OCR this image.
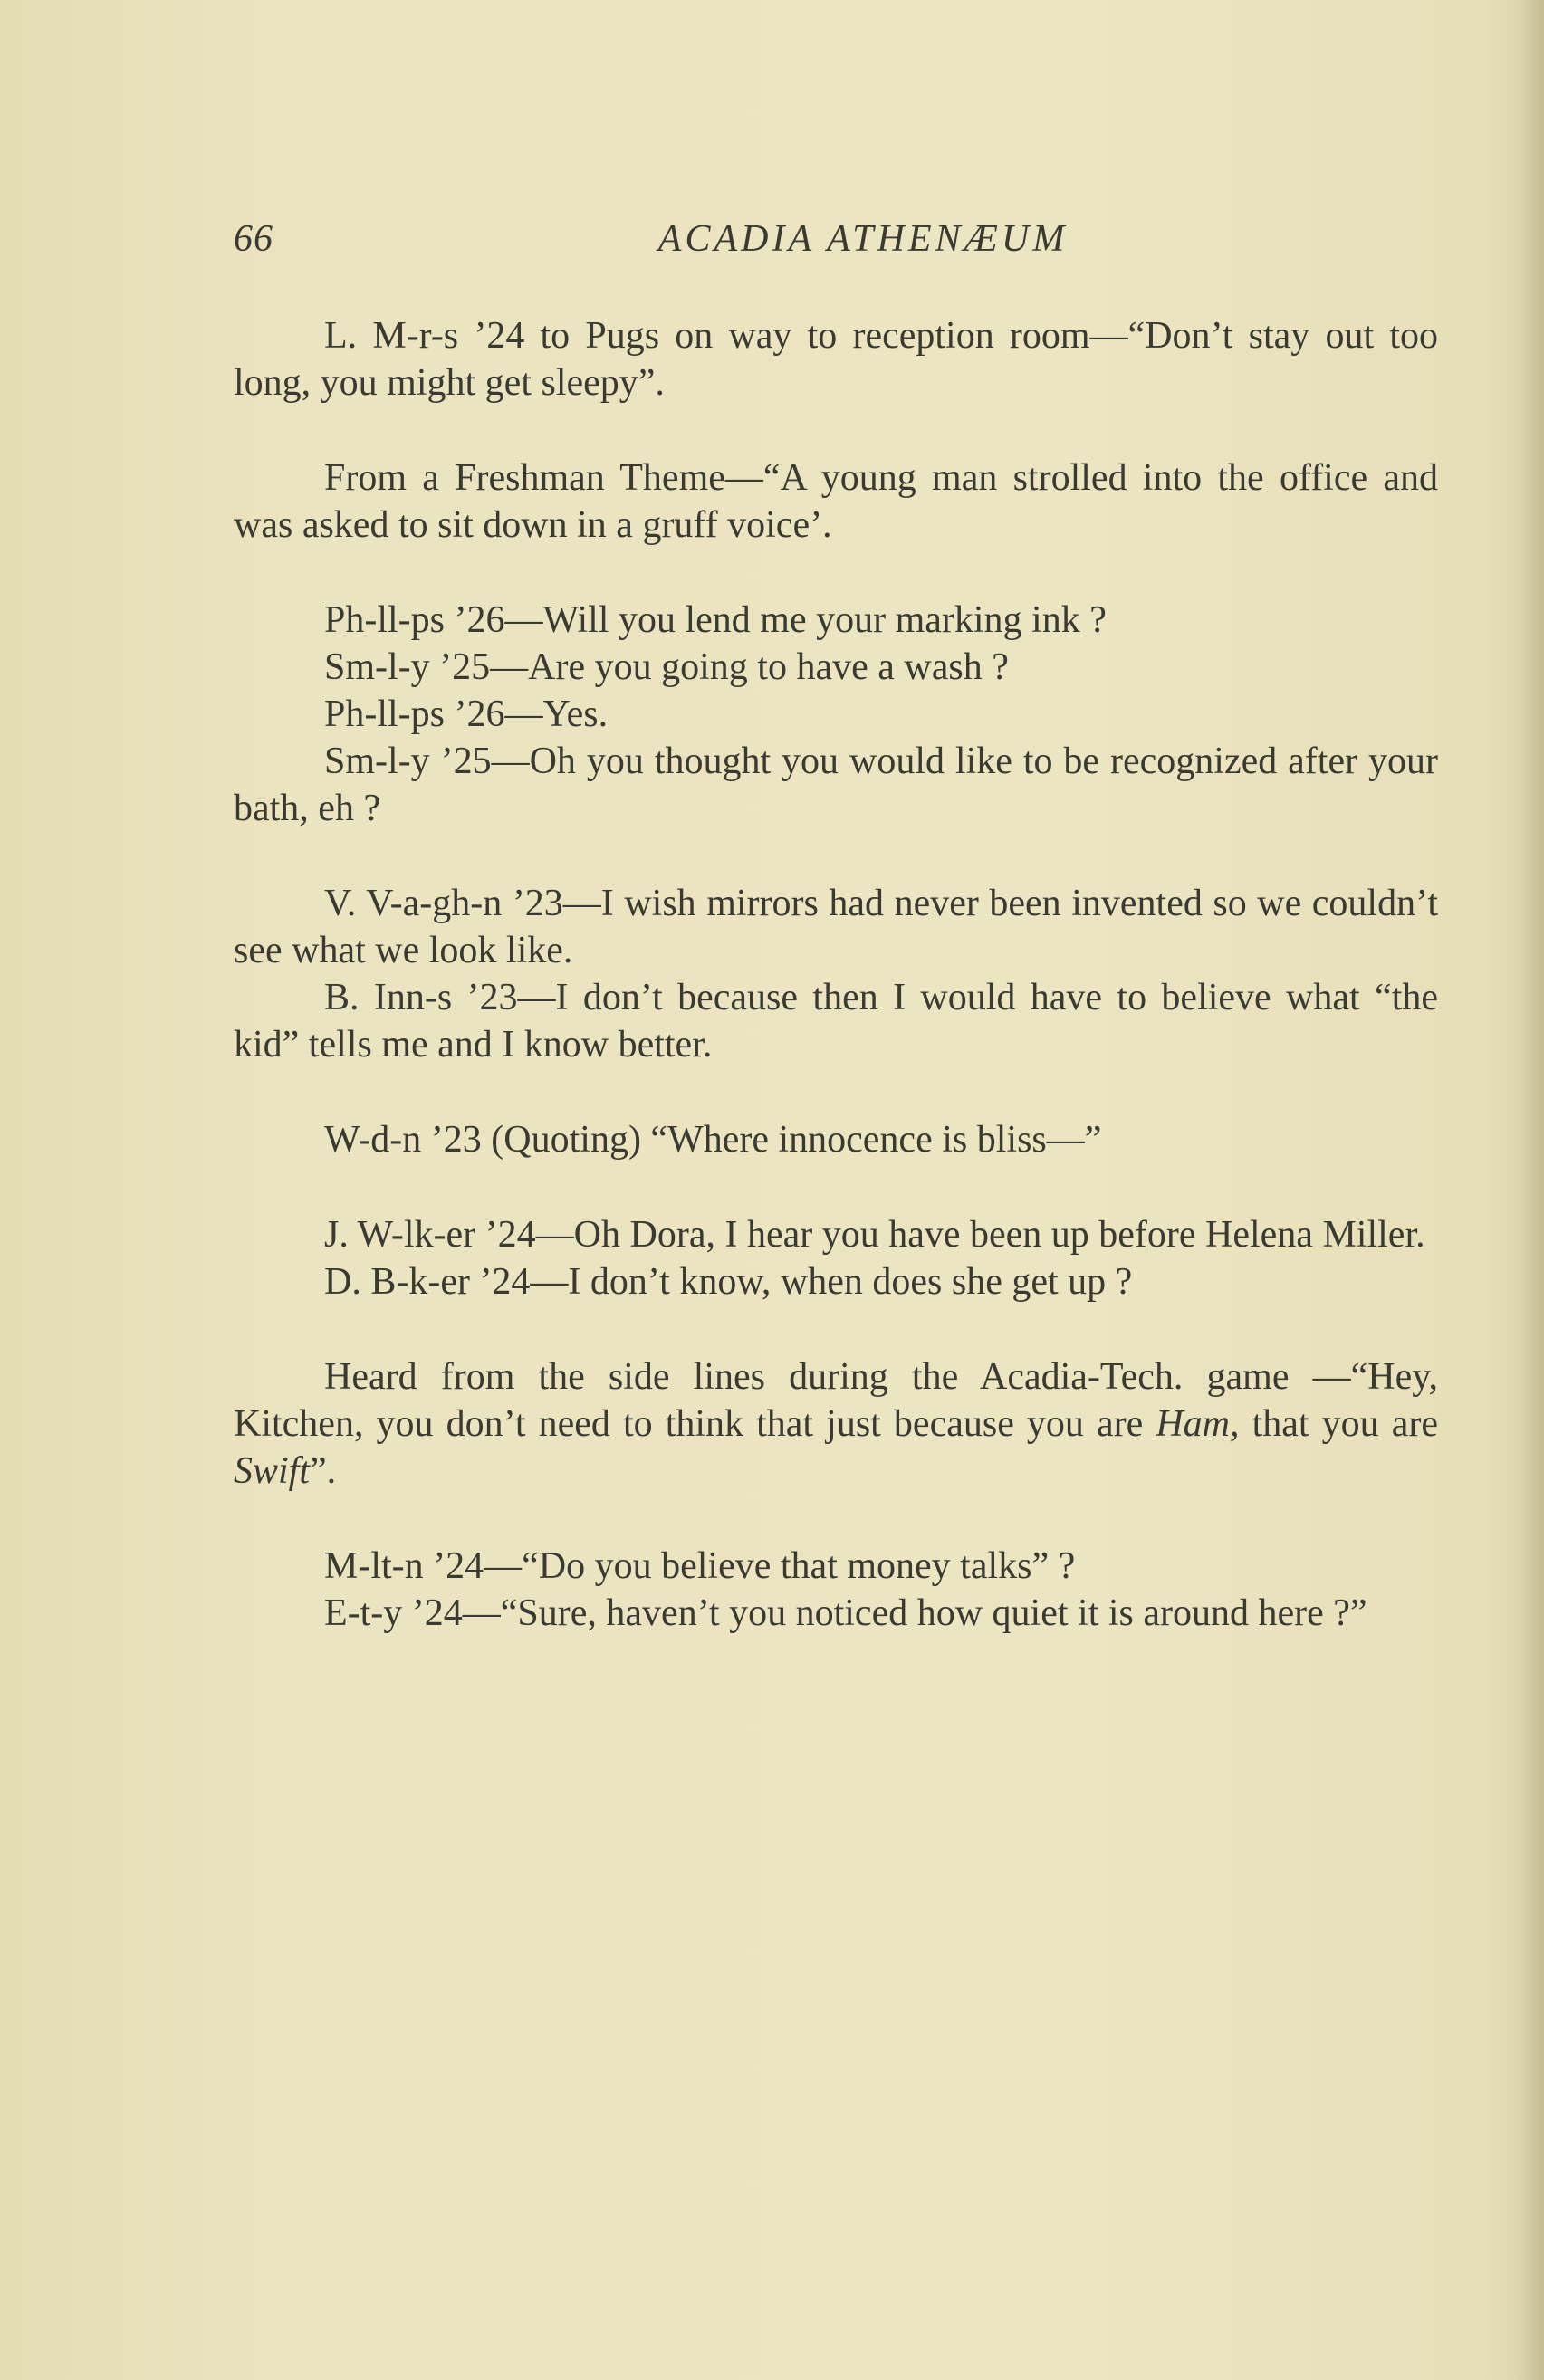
66	ACADIA ATHENÆUM

L. M-r-s ’24 to Pugs on way to reception room—“Don’t stay out too long, you might get sleepy”.

From a Freshman Theme—“A young man strolled into the office and was asked to sit down in a gruff voice’.

Ph-ll-ps ’26—Will you lend me your marking ink ?

Sm-l-y ’25—Are you going to have a wash ?

Ph-ll-ps ’26—Yes.

Sm-l-y ’25—Oh you thought you would like to be recognized after your bath, eh ?

V. V-a-gh-n ’23—I wish mirrors had never been invented so we couldn’t see what we look like.

B. Inn-s ’23—I don’t because then I would have to believe what “the kid” tells me and I know better.

W-d-n ’23 (Quoting) “Where innocence is bliss—”

J. W-lk-er ’24—Oh Dora, I hear you have been up before Helena Miller.

D. B-k-er ’24—I don’t know, when does she get up ?

Heard from the side lines during the Acadia-Tech. game —“Hey, Kitchen, you don’t need to think that just because you are Ham, that you are Swift”.

M-lt-n ’24—“Do you believe that money talks” ?

E-t-y ’24—“Sure, haven’t you noticed how quiet it is around here ?”
